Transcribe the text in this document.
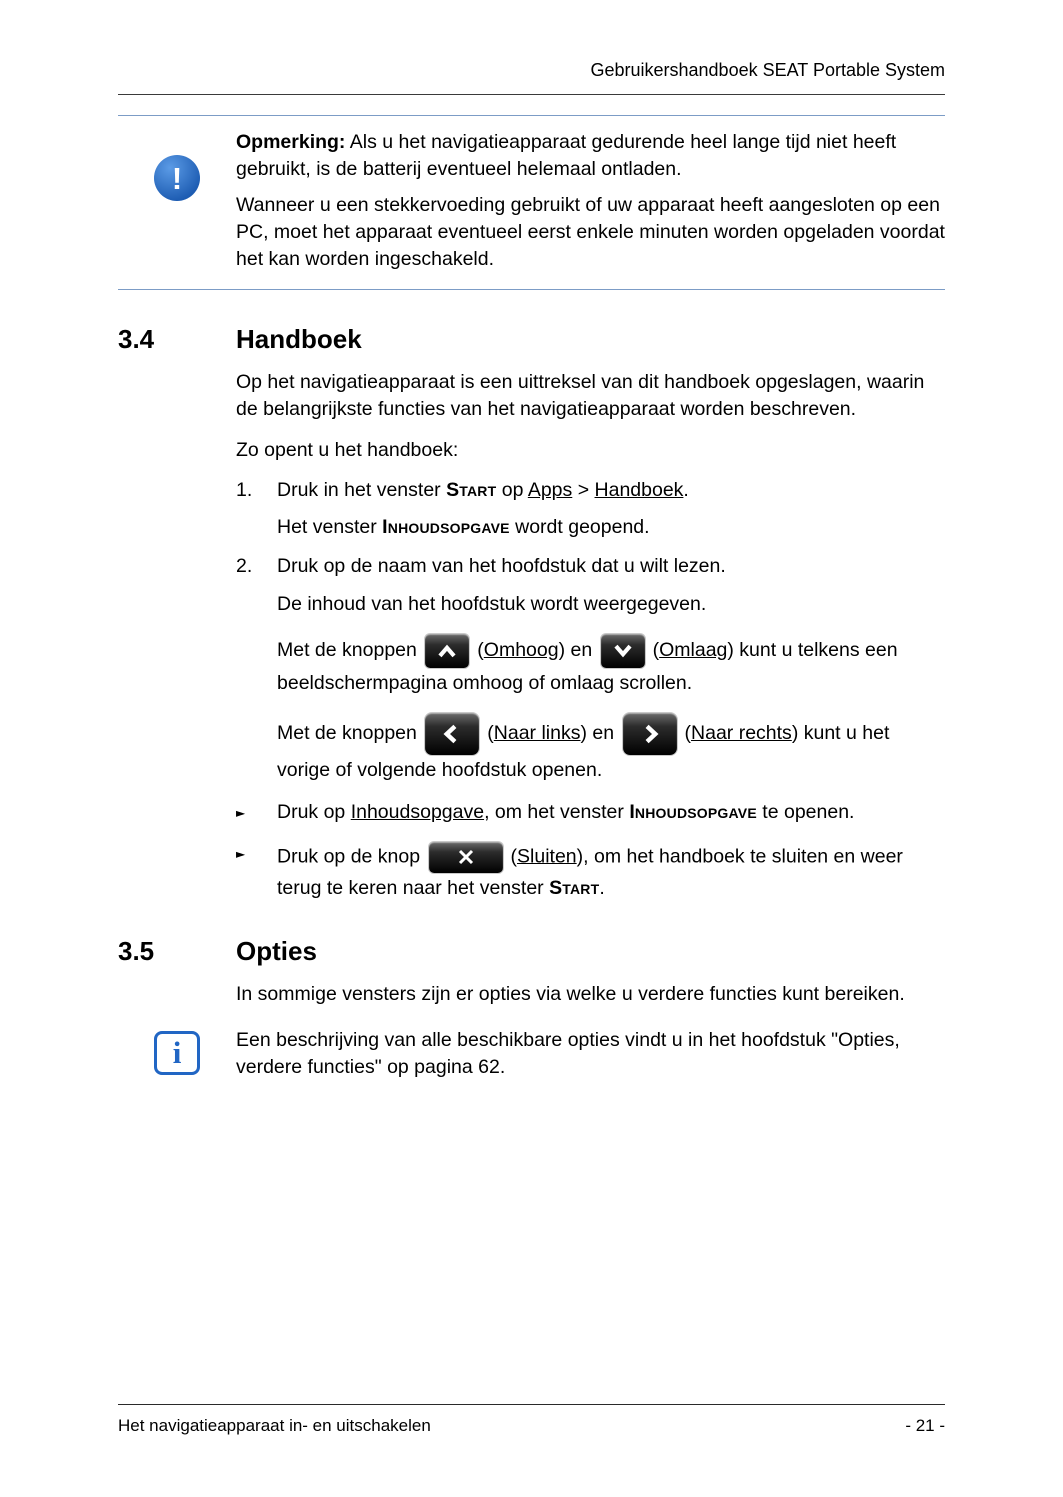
Gebruikershandboek SEAT Portable System
!

Opmerking: Als u het navigatieapparaat gedurende heel lange tijd niet heeft gebruikt, is de batterij eventueel helemaal ontladen.

Wanneer u een stekkervoeding gebruikt of uw apparaat heeft aangesloten op een PC, moet het apparaat eventueel eerst enkele minuten worden opgeladen voordat het kan worden ingeschakeld.

3.4	Handboek

Op het navigatieapparaat is een uittreksel van dit handboek opgeslagen, waarin de belangrijkste functies van het navigatieapparaat worden beschreven.

Zo opent u het handboek:

1.	Druk in het venster Start op Apps > Handboek.
Het venster Inhoudsopgave wordt geopend.
2.	Druk op de naam van het hoofdstuk dat u wilt lezen.
De inhoud van het hoofdstuk wordt weergegeven.
Met de knoppen	(Omhoog) en	(Omlaag) kunt u telkens een beeldschermpagina omhoog of omlaag scrollen.
Met de knoppen	(Naar links) en	(Naar rechts) kunt u het vorige of volgende hoofdstuk openen.
►	Druk op Inhoudsopgave, om het venster Inhoudsopgave te openen.
►	Druk op de knop	(Sluiten), om het handboek te sluiten en weer terug te keren naar het venster Start.
3.5	Opties

In sommige vensters zijn er opties via welke u verdere functies kunt bereiken.

i	Een beschrijving van alle beschikbare opties vindt u in het hoofdstuk "Opties, verdere functies" op pagina 62.
Het navigatieapparaat in- en uitschakelen	- 21 -
